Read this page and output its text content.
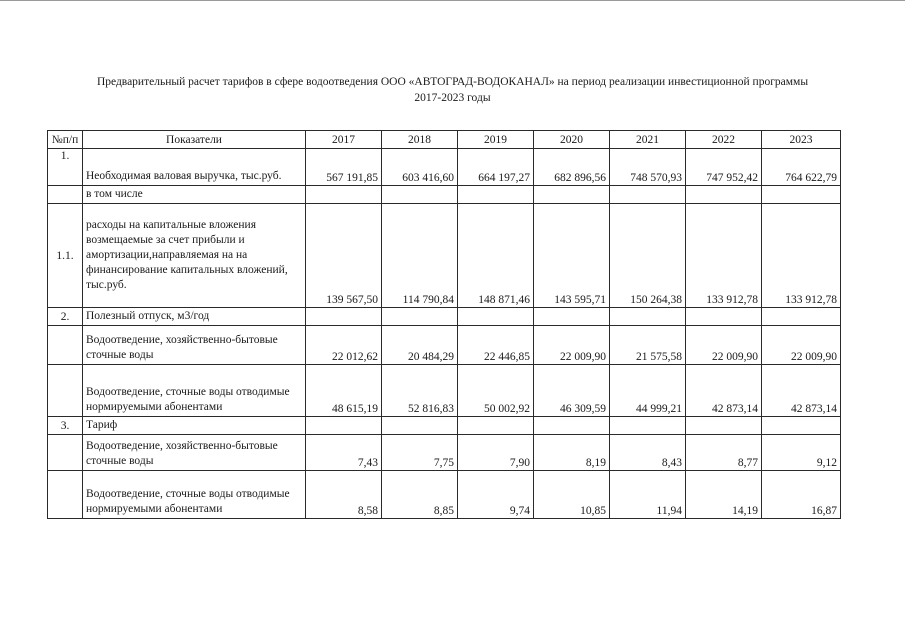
Предварительный расчет тарифов в сфере водоотведения ООО «АВТОГРАД-ВОДОКАНАЛ» на период реализации инвестиционной программы
2017-2023 годы
№п/п	Показатели	2017	2018	2019	2020	2021	2022	2023
1.	Необходимая валовая выручка, тыс.руб.	567 191,85	603 416,60	664 197,27	682 896,56	748 570,93	747 952,42	764 622,79
	в том числе							
1.1.	расходы на капитальные вложения возмещаемые за счет прибыли и амортизации,направляемая на на финансирование капитальных вложений, тыс.руб.	139 567,50	114 790,84	148 871,46	143 595,71	150 264,38	133 912,78	133 912,78
2.	Полезный отпуск, м3/год							
	Водоотведение, хозяйственно-бытовые сточные воды	22 012,62	20 484,29	22 446,85	22 009,90	21 575,58	22 009,90	22 009,90
	Водоотведение, сточные воды отводимые нормируемыми абонентами	48 615,19	52 816,83	50 002,92	46 309,59	44 999,21	42 873,14	42 873,14
3.	Тариф							
	Водоотведение, хозяйственно-бытовые сточные воды	7,43	7,75	7,90	8,19	8,43	8,77	9,12
	Водоотведение, сточные воды отводимые нормируемыми абонентами	8,58	8,85	9,74	10,85	11,94	14,19	16,87
